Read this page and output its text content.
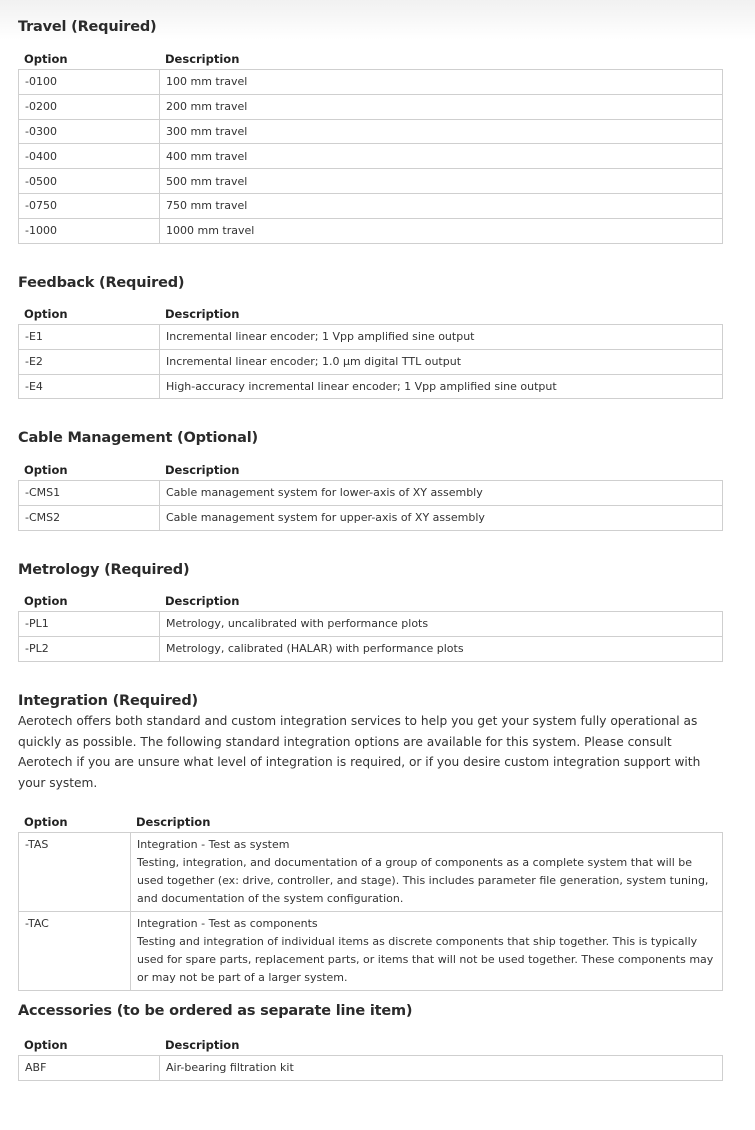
Travel (Required)
Option	Description
-0100	100 mm travel
-0200	200 mm travel
-0300	300 mm travel
-0400	400 mm travel
-0500	500 mm travel
-0750	750 mm travel
-1000	1000 mm travel
Feedback (Required)
Option	Description
-E1	Incremental linear encoder; 1 Vpp amplified sine output
-E2	Incremental linear encoder; 1.0 µm digital TTL output
-E4	High-accuracy incremental linear encoder; 1 Vpp amplified sine output
Cable Management (Optional)
Option	Description
-CMS1	Cable management system for lower-axis of XY assembly
-CMS2	Cable management system for upper-axis of XY assembly
Metrology (Required)
Option	Description
-PL1	Metrology, uncalibrated with performance plots
-PL2	Metrology, calibrated (HALAR) with performance plots
Integration (Required)

Aerotech offers both standard and custom integration services to help you get your system fully operational as quickly as possible. The following standard integration options are available for this system. Please consult Aerotech if you are unsure what level of integration is required, or if you desire custom integration support with your system.

Option	Description
-TAS	Integration - Test as system
Testing, integration, and documentation of a group of components as a complete system that will be used together (ex: drive, controller, and stage). This includes parameter file generation, system tuning, and documentation of the system configuration.

-TAC	Integration - Test as components
Testing and integration of individual items as discrete components that ship together. This is typically used for spare parts, replacement parts, or items that will not be used together. These components may or may not be part of a larger system.
Accessories (to be ordered as separate line item)
Option	Description
ABF	Air-bearing filtration kit
